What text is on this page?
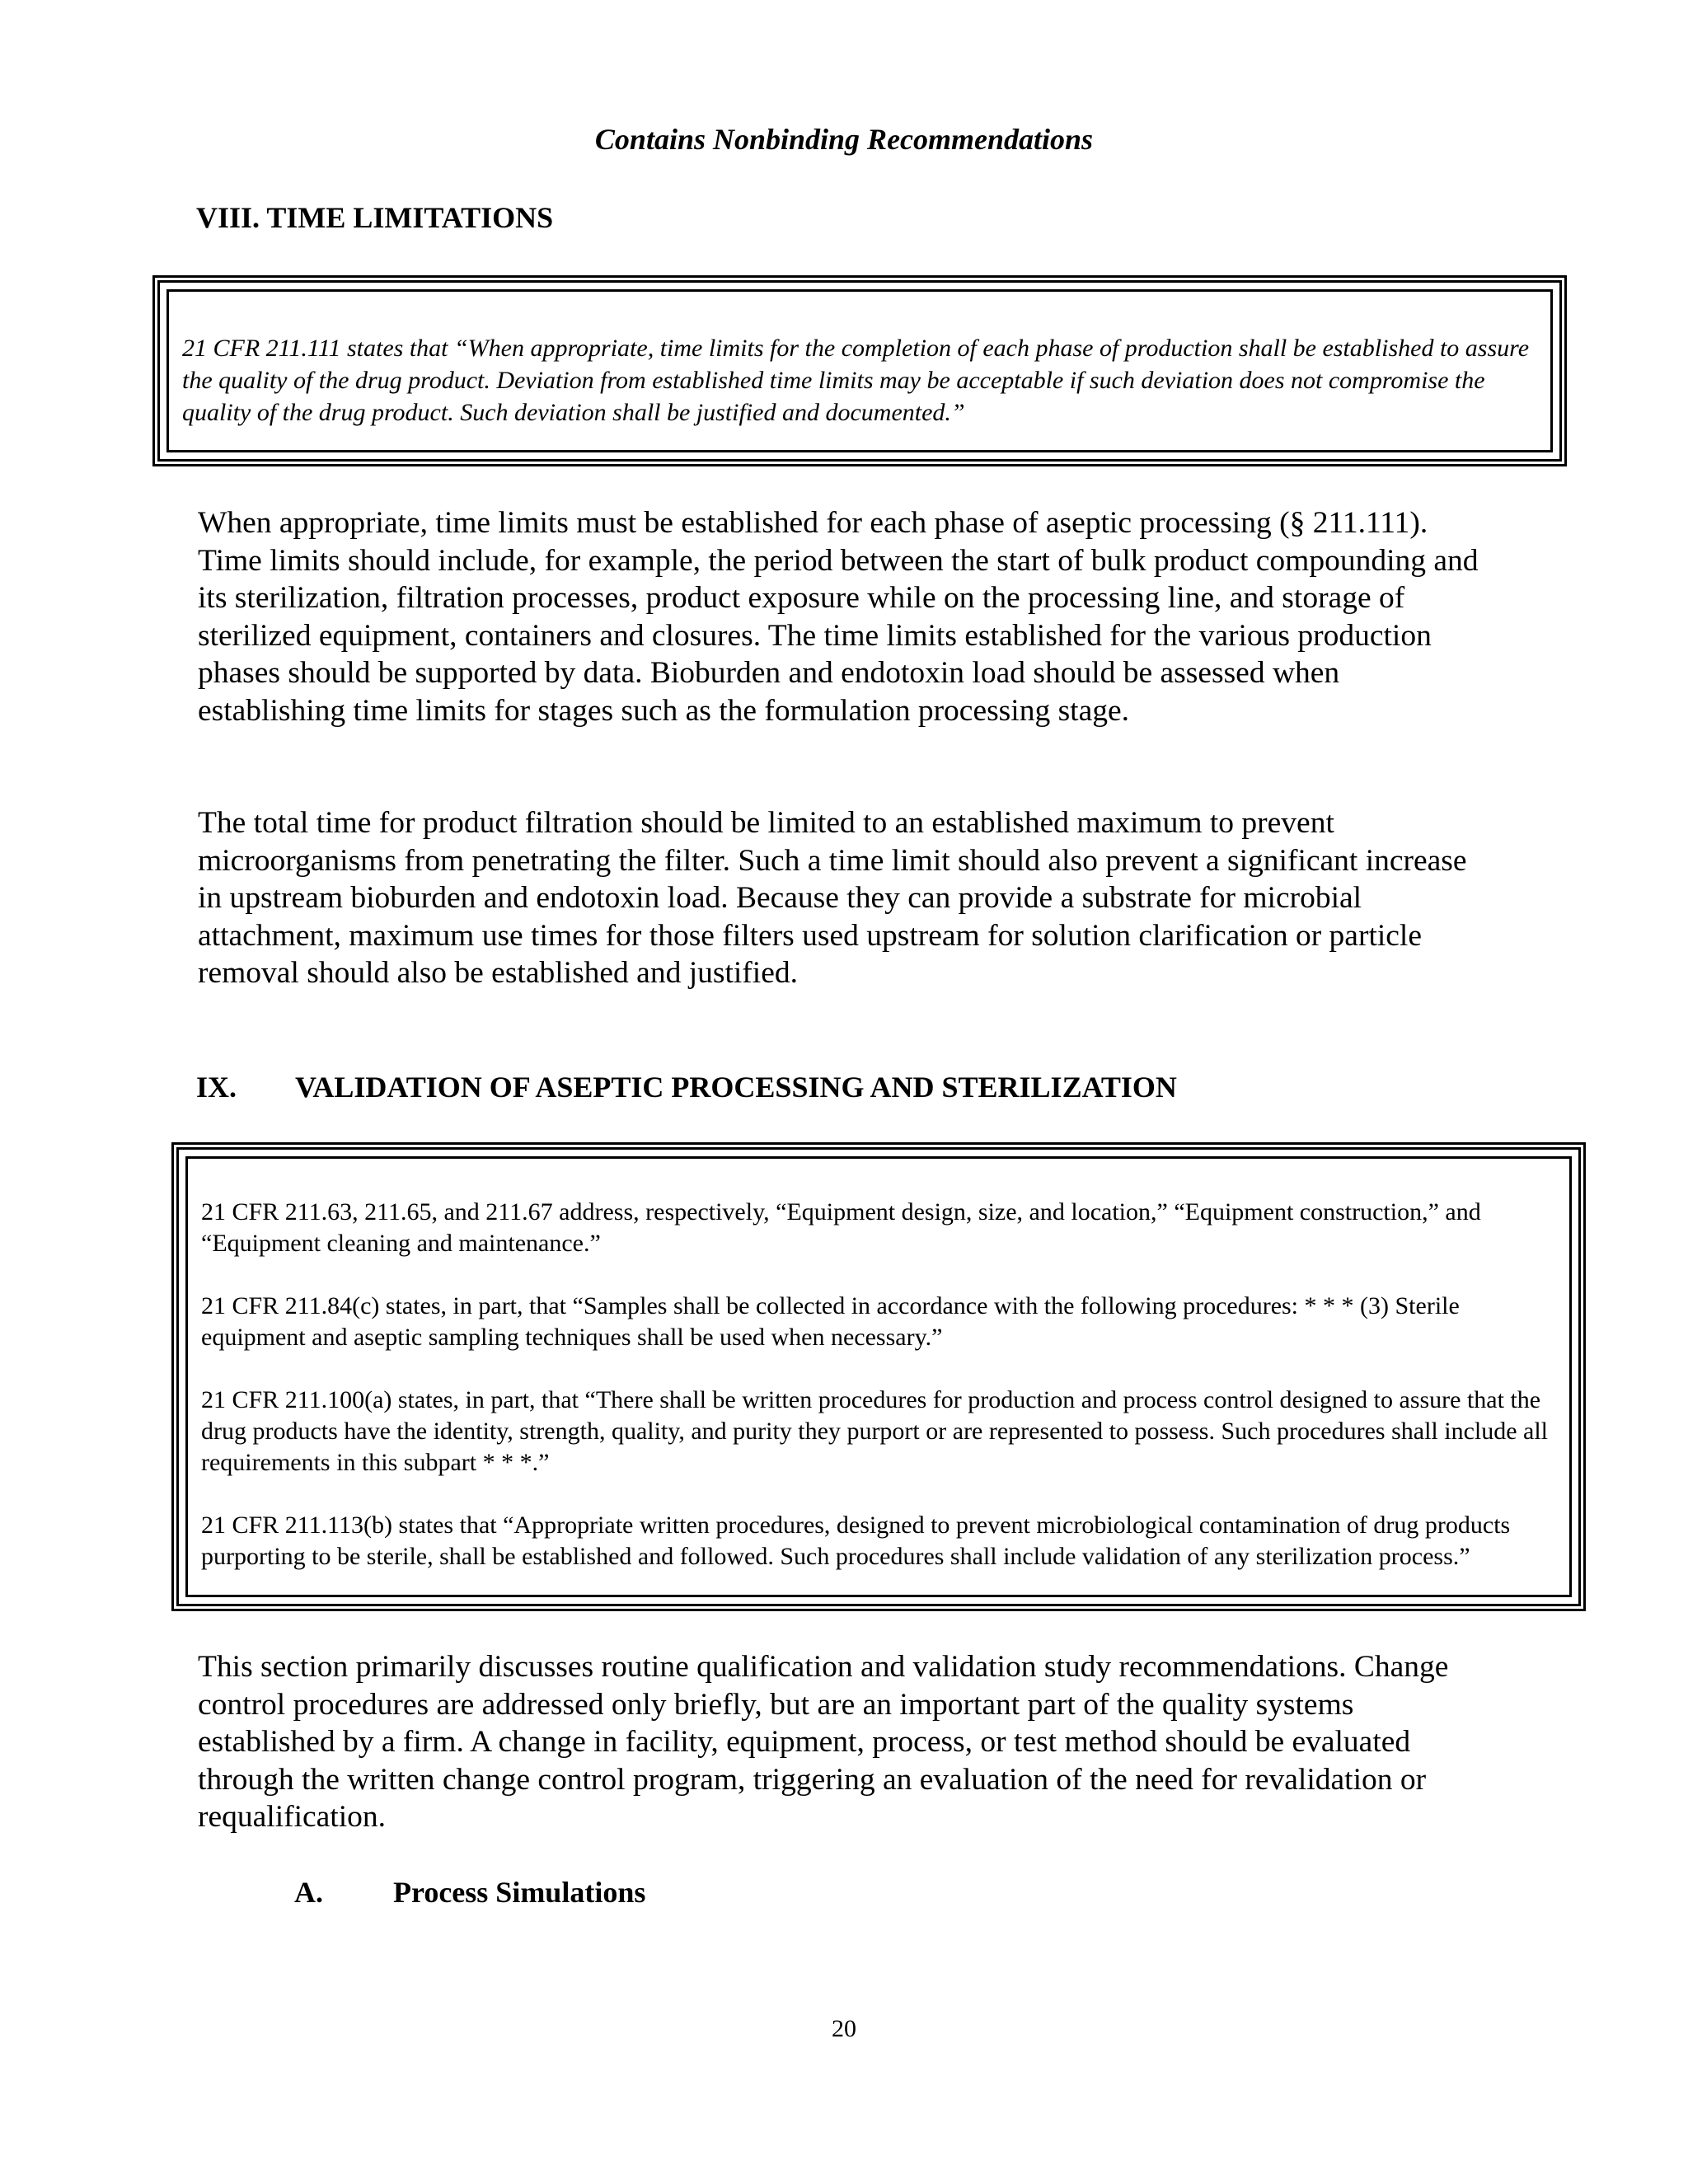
Contains Nonbinding Recommendations
VIII. TIME LIMITATIONS
21 CFR 211.111 states that “When appropriate, time limits for the completion of each phase of production shall be established to assure the quality of the drug product. Deviation from established time limits may be acceptable if such deviation does not compromise the quality of the drug product. Such deviation shall be justified and documented.”
When appropriate, time limits must be established for each phase of aseptic processing (§ 211.111). Time limits should include, for example, the period between the start of bulk product compounding and its sterilization, filtration processes, product exposure while on the processing line, and storage of sterilized equipment, containers and closures. The time limits established for the various production phases should be supported by data. Bioburden and endotoxin load should be assessed when establishing time limits for stages such as the formulation processing stage.
The total time for product filtration should be limited to an established maximum to prevent microorganisms from penetrating the filter. Such a time limit should also prevent a significant increase in upstream bioburden and endotoxin load. Because they can provide a substrate for microbial attachment, maximum use times for those filters used upstream for solution clarification or particle removal should also be established and justified.
IX. VALIDATION OF ASEPTIC PROCESSING AND STERILIZATION

21 CFR 211.63, 211.65, and 211.67 address, respectively, “Equipment design, size, and location,” “Equipment construction,” and “Equipment cleaning and maintenance.”

21 CFR 211.84(c) states, in part, that “Samples shall be collected in accordance with the following procedures: * * * (3) Sterile equipment and aseptic sampling techniques shall be used when necessary.”

21 CFR 211.100(a) states, in part, that “There shall be written procedures for production and process control designed to assure that the drug products have the identity, strength, quality, and purity they purport or are represented to possess. Such procedures shall include all requirements in this subpart * * *.”

21 CFR 211.113(b) states that “Appropriate written procedures, designed to prevent microbiological contamination of drug products purporting to be sterile, shall be established and followed. Such procedures shall include validation of any sterilization process.”

This section primarily discusses routine qualification and validation study recommendations. Change control procedures are addressed only briefly, but are an important part of the quality systems established by a firm. A change in facility, equipment, process, or test method should be evaluated through the written change control program, triggering an evaluation of the need for revalidation or requalification.
A. Process Simulations
20
